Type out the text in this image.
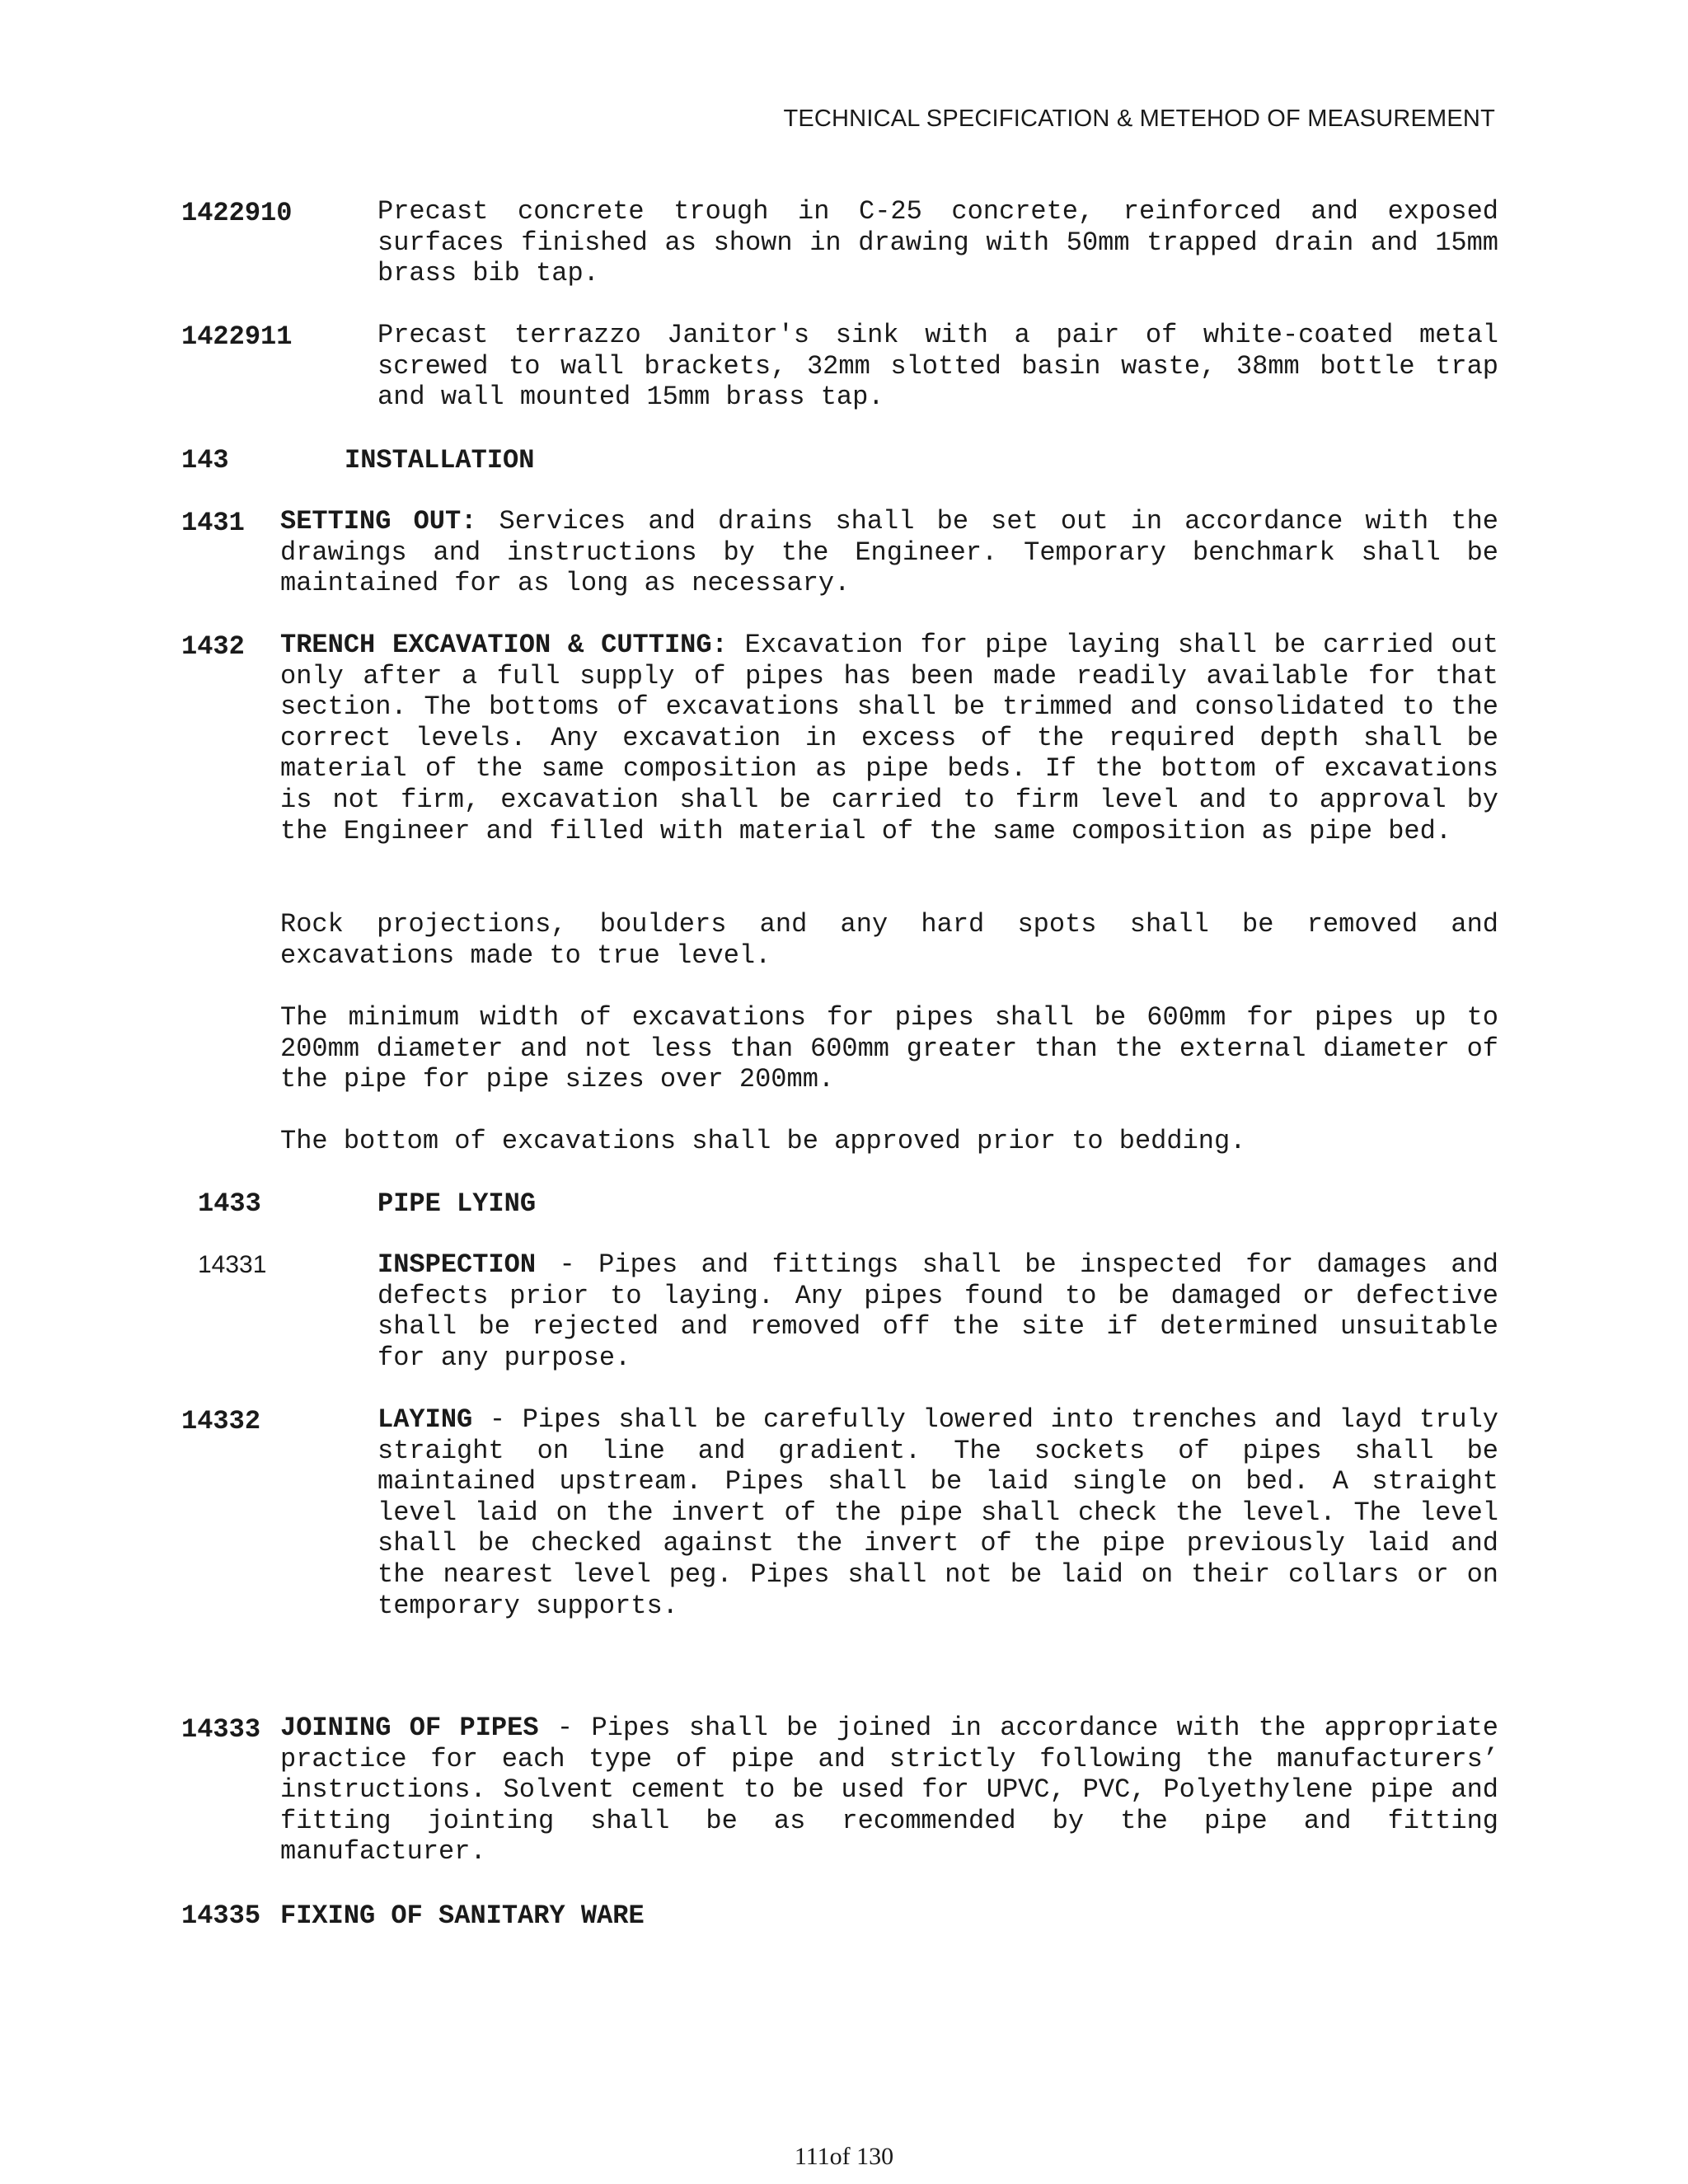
TECHNICAL SPECIFICATION & METEHOD OF MEASUREMENT
1422910	Precast concrete trough in C-25 concrete, reinforced and exposed surfaces finished as shown in drawing with 50mm trapped drain and 15mm brass bib tap.

1422911	Precast terrazzo Janitor's sink with a pair of white-coated metal screwed to wall brackets, 32mm slotted basin waste, 38mm bottle trap and wall mounted 15mm brass tap.

143	INSTALLATION
1431 SETTING OUT: Services and drains shall be set out in accordance with the drawings and instructions by the Engineer. Temporary benchmark shall be maintained for as long as necessary.

1432 TRENCH EXCAVATION & CUTTING: Excavation for pipe laying shall be carried out only after a full supply of pipes has been made readily available for that section. The bottoms of excavations shall be trimmed and consolidated to the correct levels. Any excavation in excess of the required depth shall be material of the same composition as pipe beds. If the bottom of excavations is not firm, excavation shall be carried to firm level and to approval by the Engineer and filled with material of the same composition as pipe bed.

Rock projections, boulders and any hard spots shall be removed and excavations made to true level.

The minimum width of excavations for pipes shall be 600mm for pipes up to 200mm diameter and not less than 600mm greater than the external diameter of the pipe for pipe sizes over 200mm.

The bottom of excavations shall be approved prior to bedding.

1433	PIPE LYING
14331	INSPECTION - Pipes and fittings shall be inspected for damages and defects prior to laying. Any pipes found to be damaged or defective shall be rejected and removed off the site if determined unsuitable for any purpose.

14332	LAYING - Pipes shall be carefully lowered into trenches and layd truly straight on line and gradient. The sockets of pipes shall be maintained upstream. Pipes shall be laid single on bed. A straight level laid on the invert of the pipe shall check the level. The level shall be checked against the invert of the pipe previously laid and the nearest level peg. Pipes shall not be laid on their collars or on temporary supports.

14333 JOINING OF PIPES - Pipes shall be joined in accordance with the appropriate practice for each type of pipe and strictly following the manufacturers’ instructions. Solvent cement to be used for UPVC, PVC, Polyethylene pipe and fitting jointing shall be as recommended by the pipe and fitting manufacturer.

14335 FIXING OF SANITARY WARE
111of 130
